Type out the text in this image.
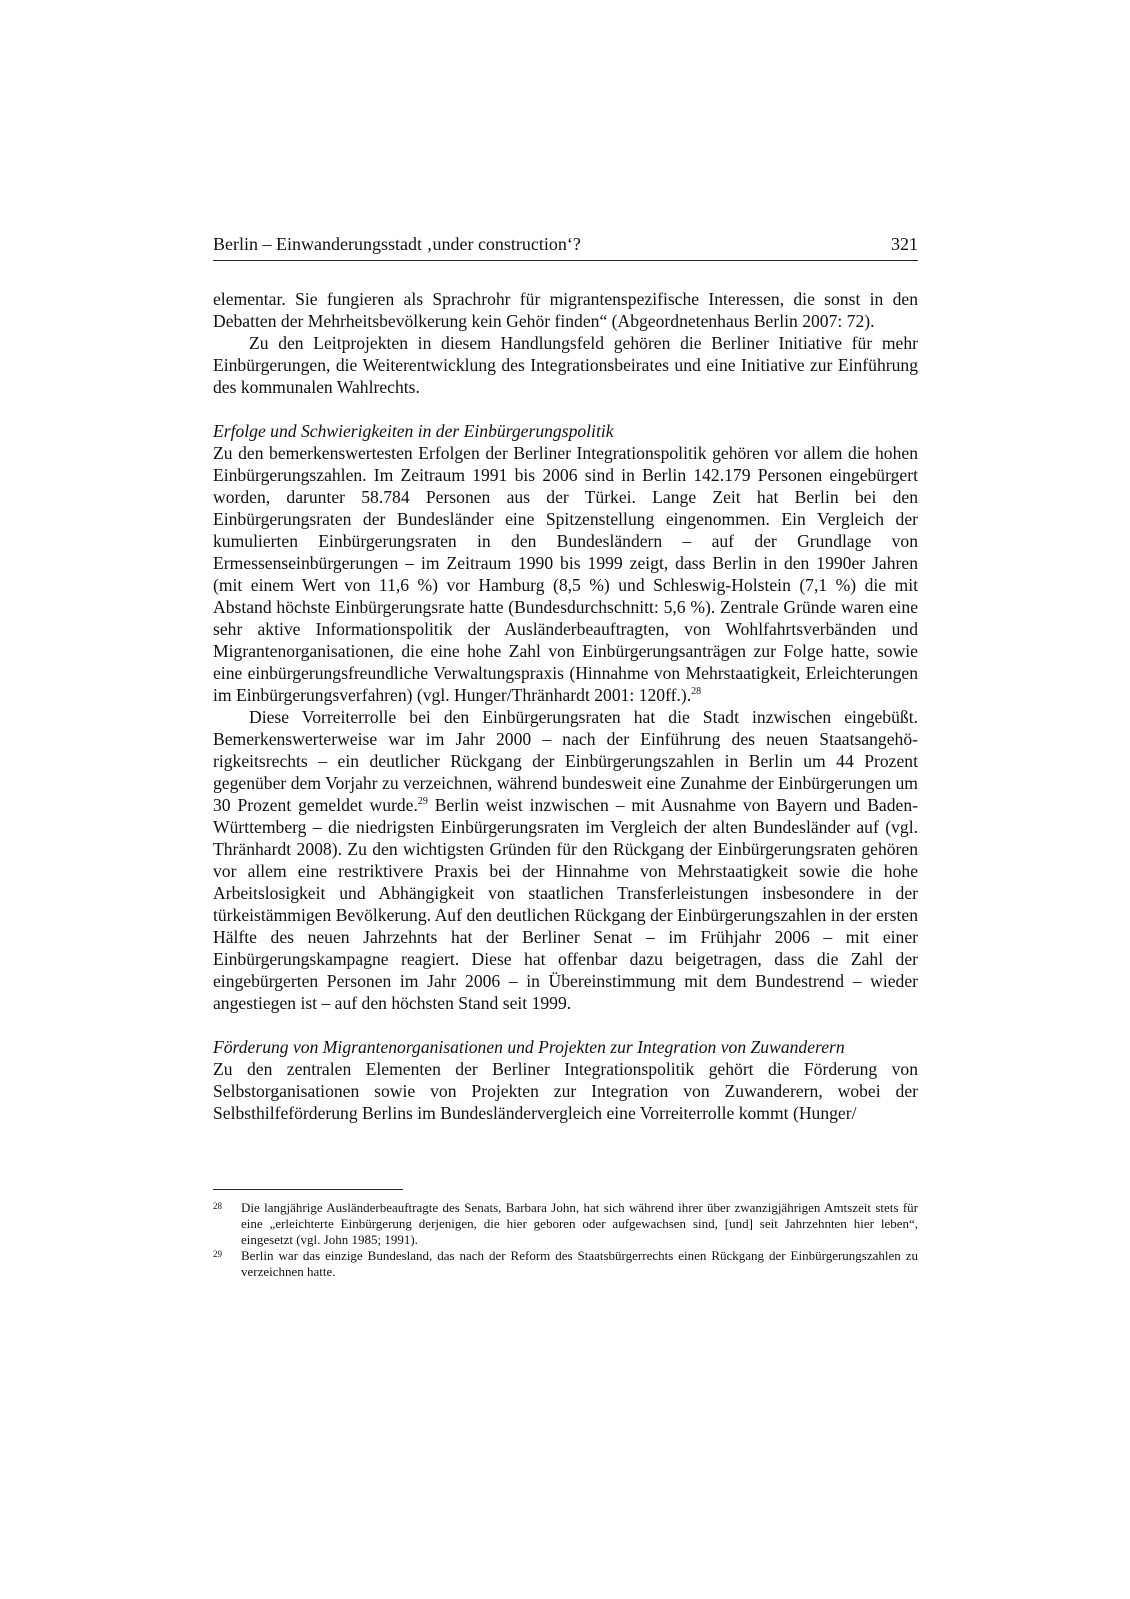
Berlin – Einwanderungsstadt ‚under construction‘?	321

elementar. Sie fungieren als Sprachrohr für migrantenspezifische Interessen, die sonst in den Debatten der Mehrheitsbevölkerung kein Gehör finden“ (Abgeordnetenhaus Berlin 2007: 72).

Zu den Leitprojekten in diesem Handlungsfeld gehören die Berliner Initiative für mehr Einbürgerungen, die Weiterentwicklung des Integrationsbeirates und eine Initiative zur Einführung des kommunalen Wahlrechts.

Erfolge und Schwierigkeiten in der Einbürgerungspolitik

Zu den bemerkenswertesten Erfolgen der Berliner Integrationspolitik gehören vor allem die hohen Einbürgerungszahlen. Im Zeitraum 1991 bis 2006 sind in Berlin 142.179 Personen eingebürgert worden, darunter 58.784 Personen aus der Türkei. Lange Zeit hat Berlin bei den Einbürgerungsraten der Bundesländer eine Spitzenstellung eingenommen. Ein Vergleich der kumulierten Einbürgerungsraten in den Bundesländern – auf der Grundlage von Ermessenseinbürgerungen – im Zeitraum 1990 bis 1999 zeigt, dass Berlin in den 1990er Jahren (mit einem Wert von 11,6 %) vor Hamburg (8,5 %) und Schleswig-Holstein (7,1 %) die mit Abstand höchste Einbürgerungsrate hatte (Bundesdurchschnitt: 5,6 %). Zentrale Gründe waren eine sehr aktive Informationspolitik der Ausländerbeauftragten, von Wohlfahrtsverbänden und Migrantenorganisationen, die eine hohe Zahl von Einbürgerungsanträgen zur Folge hatte, sowie eine einbürgerungsfreundliche Verwaltungspraxis (Hinnahme von Mehrstaatigkeit, Erleichterungen im Einbürgerungsverfahren) (vgl. Hunger/Thränhardt 2001: 120ff.).$^{28}$

Diese Vorreiterrolle bei den Einbürgerungsraten hat die Stadt inzwischen eingebüßt. Bemerkenswerterweise war im Jahr 2000 – nach der Einführung des neuen Staatsangehörigkeitsrechts – ein deutlicher Rückgang der Einbürgerungszahlen in Berlin um 44 Prozent gegenüber dem Vorjahr zu verzeichnen, während bundesweit eine Zunahme der Einbürgerungen um 30 Prozent gemeldet wurde.$^{29}$ Berlin weist inzwischen – mit Ausnahme von Bayern und Baden-Württemberg – die niedrigsten Einbürgerungsraten im Vergleich der alten Bundesländer auf (vgl. Thränhardt 2008). Zu den wichtigsten Gründen für den Rückgang der Einbürgerungsraten gehören vor allem eine restriktivere Praxis bei der Hinnahme von Mehrstaatigkeit sowie die hohe Arbeitslosigkeit und Abhängigkeit von staatlichen Transferleistungen insbesondere in der türkeistämmigen Bevölkerung. Auf den deutlichen Rückgang der Einbürgerungszahlen in der ersten Hälfte des neuen Jahrzehnts hat der Berliner Senat – im Frühjahr 2006 – mit einer Einbürgerungskampagne reagiert. Diese hat offenbar dazu beigetragen, dass die Zahl der eingebürgerten Personen im Jahr 2006 – in Übereinstimmung mit dem Bundestrend – wieder angestiegen ist – auf den höchsten Stand seit 1999.

Förderung von Migrantenorganisationen und Projekten zur Integration von Zuwanderern

Zu den zentralen Elementen der Berliner Integrationspolitik gehört die Förderung von Selbstorganisationen sowie von Projekten zur Integration von Zuwanderern, wobei der Selbsthilfeförderung Berlins im Bundesländervergleich eine Vorreiterrolle kommt (Hunger/

28	Die langjährige Ausländerbeauftragte des Senats, Barbara John, hat sich während ihrer über zwanzigjährigen Amtszeit stets für eine „erleichterte Einbürgerung derjenigen, die hier geboren oder aufgewachsen sind, [und] seit Jahrzehnten hier leben“, eingesetzt (vgl. John 1985; 1991).
29	Berlin war das einzige Bundesland, das nach der Reform des Staatsbürgerrechts einen Rückgang der Einbürgerungszahlen zu verzeichnen hatte.
